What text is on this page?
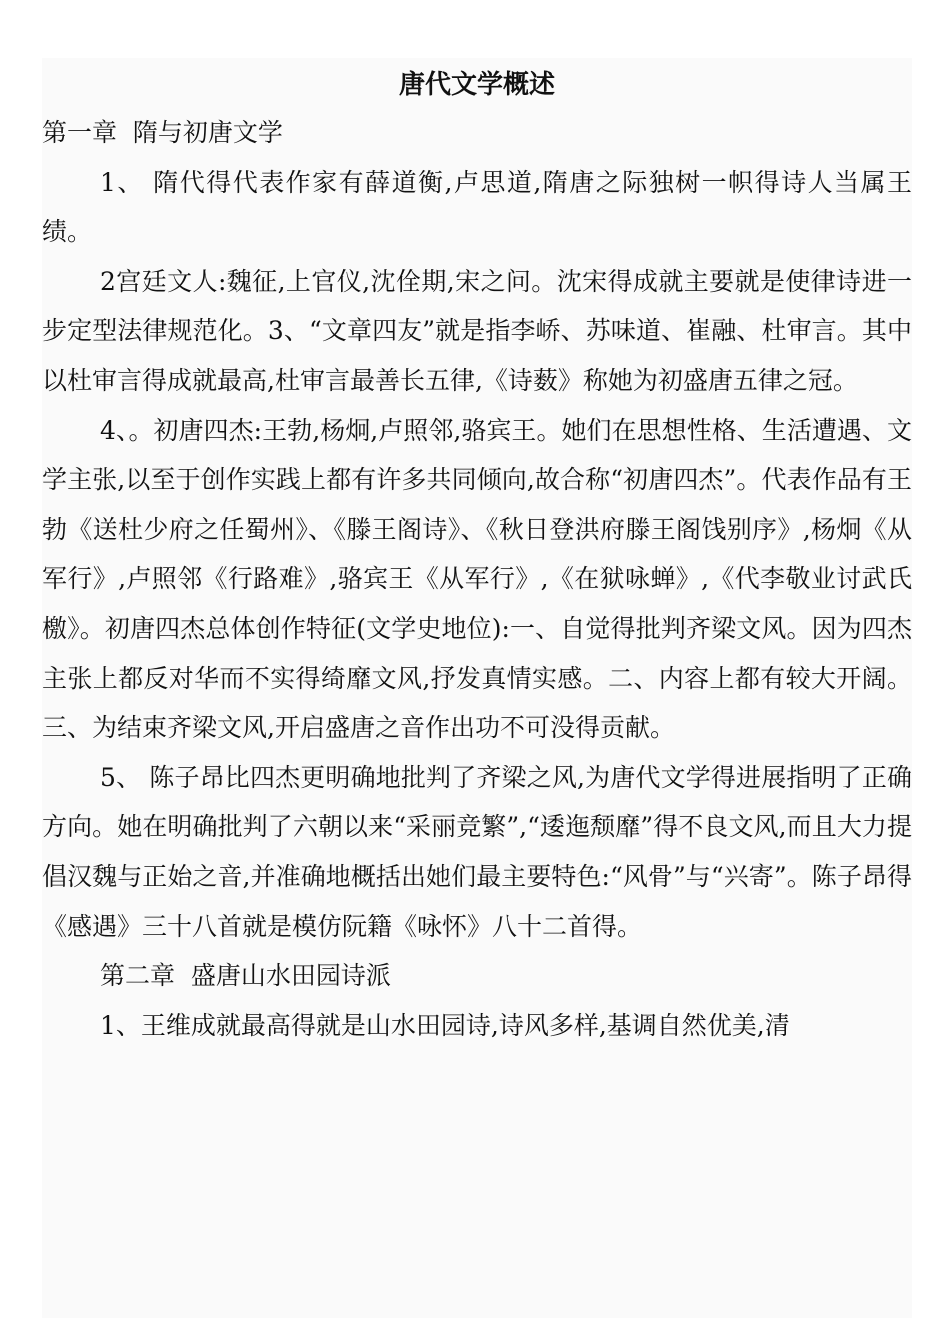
唐代文学概述
第一章  隋与初唐文学

1、 隋代得代表作家有薛道衡,卢思道,隋唐之际独树一帜得诗人当属王绩。

2宫廷文人:魏征,上官仪,沈佺期,宋之问。沈宋得成就主要就是使律诗进一步定型法律规范化。3、“文章四友”就是指李峤、苏味道、崔融、杜审言。其中以杜审言得成就最高,杜审言最善长五律,《诗薮》称她为初盛唐五律之冠。

4、。初唐四杰:王勃,杨炯,卢照邻,骆宾王。她们在思想性格、生活遭遇、文学主张,以至于创作实践上都有许多共同倾向,故合称“初唐四杰”。代表作品有王勃《送杜少府之任蜀州》、《滕王阁诗》、《秋日登洪府滕王阁饯别序》,杨炯《从军行》,卢照邻《行路难》,骆宾王《从军行》,《在狱咏蝉》,《代李敬业讨武氏檄》。初唐四杰总体创作特征(文学史地位):一、自觉得批判齐梁文风。因为四杰主张上都反对华而不实得绮靡文风,抒发真情实感。二、内容上都有较大开阔。三、为结束齐梁文风,开启盛唐之音作出功不可没得贡献。

5、 陈子昂比四杰更明确地批判了齐梁之风,为唐代文学得进展指明了正确方向。她在明确批判了六朝以来“采丽竞繁”,“逶迤颓靡”得不良文风,而且大力提倡汉魏与正始之音,并准确地概括出她们最主要特色:“风骨”与“兴寄”。陈子昂得《感遇》三十八首就是模仿阮籍《咏怀》八十二首得。

第二章  盛唐山水田园诗派

1、王维成就最高得就是山水田园诗,诗风多样,基调自然优美,清
